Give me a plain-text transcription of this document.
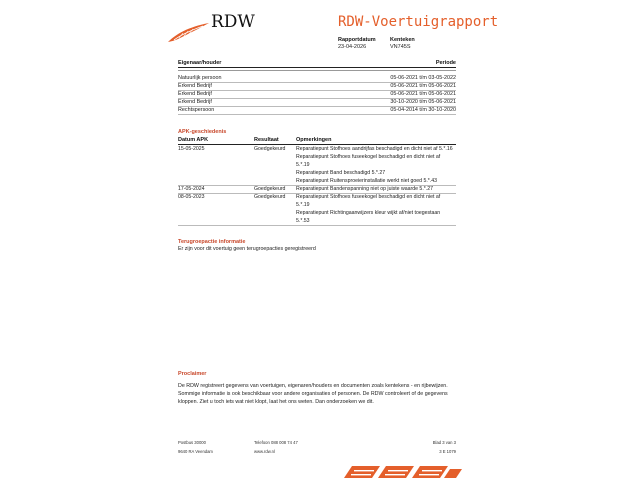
RDW	RDW-Voertuigrapport
Rapportdatum
23-04-2026
Kenteken
VN745S
Eigenaar/houder	Periode
Natuurlijk persoon	05-06-2021 t/m 03-05-2022
Erkend Bedrijf	05-06-2021 t/m 05-06-2021
Erkend Bedrijf	05-06-2021 t/m 05-06-2021
Erkend Bedrijf	30-10-2020 t/m 05-06-2021
Rechtspersoon	05-04-2014 t/m 30-10-2020
APK-geschiedenis
Datum APK	Resultaat	Opmerkingen
15-05-2025	Goedgekeurd Reparatiepunt Stofhoes aandrijfas beschadigd en dicht niet af 5.*.16
Reparatiepunt Stofhoes fuseekogel beschadigd en dicht niet af
5.*.19
Reparatiepunt Band beschadigd 5.*.27
Reparatiepunt Ruitensproeierinstallatie werkt niet goed 5.*.43
17-05-2024	Goedgekeurd Reparatiepunt Bandenspanning niet op juiste waarde 5.*.27
08-05-2023	Goedgekeurd Reparatiepunt Stofhoes fuseekogel beschadigd en dicht niet af
5.*.19
Reparatiepunt Richtingaanwijzers kleur wijkt af/niet toegestaan
5.*.53
Terugroepactie informatie
Er zijn voor dit voertuig geen terugroepacties geregistreerd
Proclaimer
De RDW registreert gegevens van voertuigen, eigenaren/houders en documenten zoals kentekens - en rijbewijzen.
Sommige informatie is ook beschikbaar voor andere organisaties of personen. De RDW controleert of de gegevens
kloppen. Ziet u toch iets wat niet klopt, laat het ons weten. Dan onderzoeken we dit.
Postbus 30000
9640 RA Veendam
Telefoon 088 008 74 47
www.rdw.nl
Blad 3 van 3
3 E 1079
